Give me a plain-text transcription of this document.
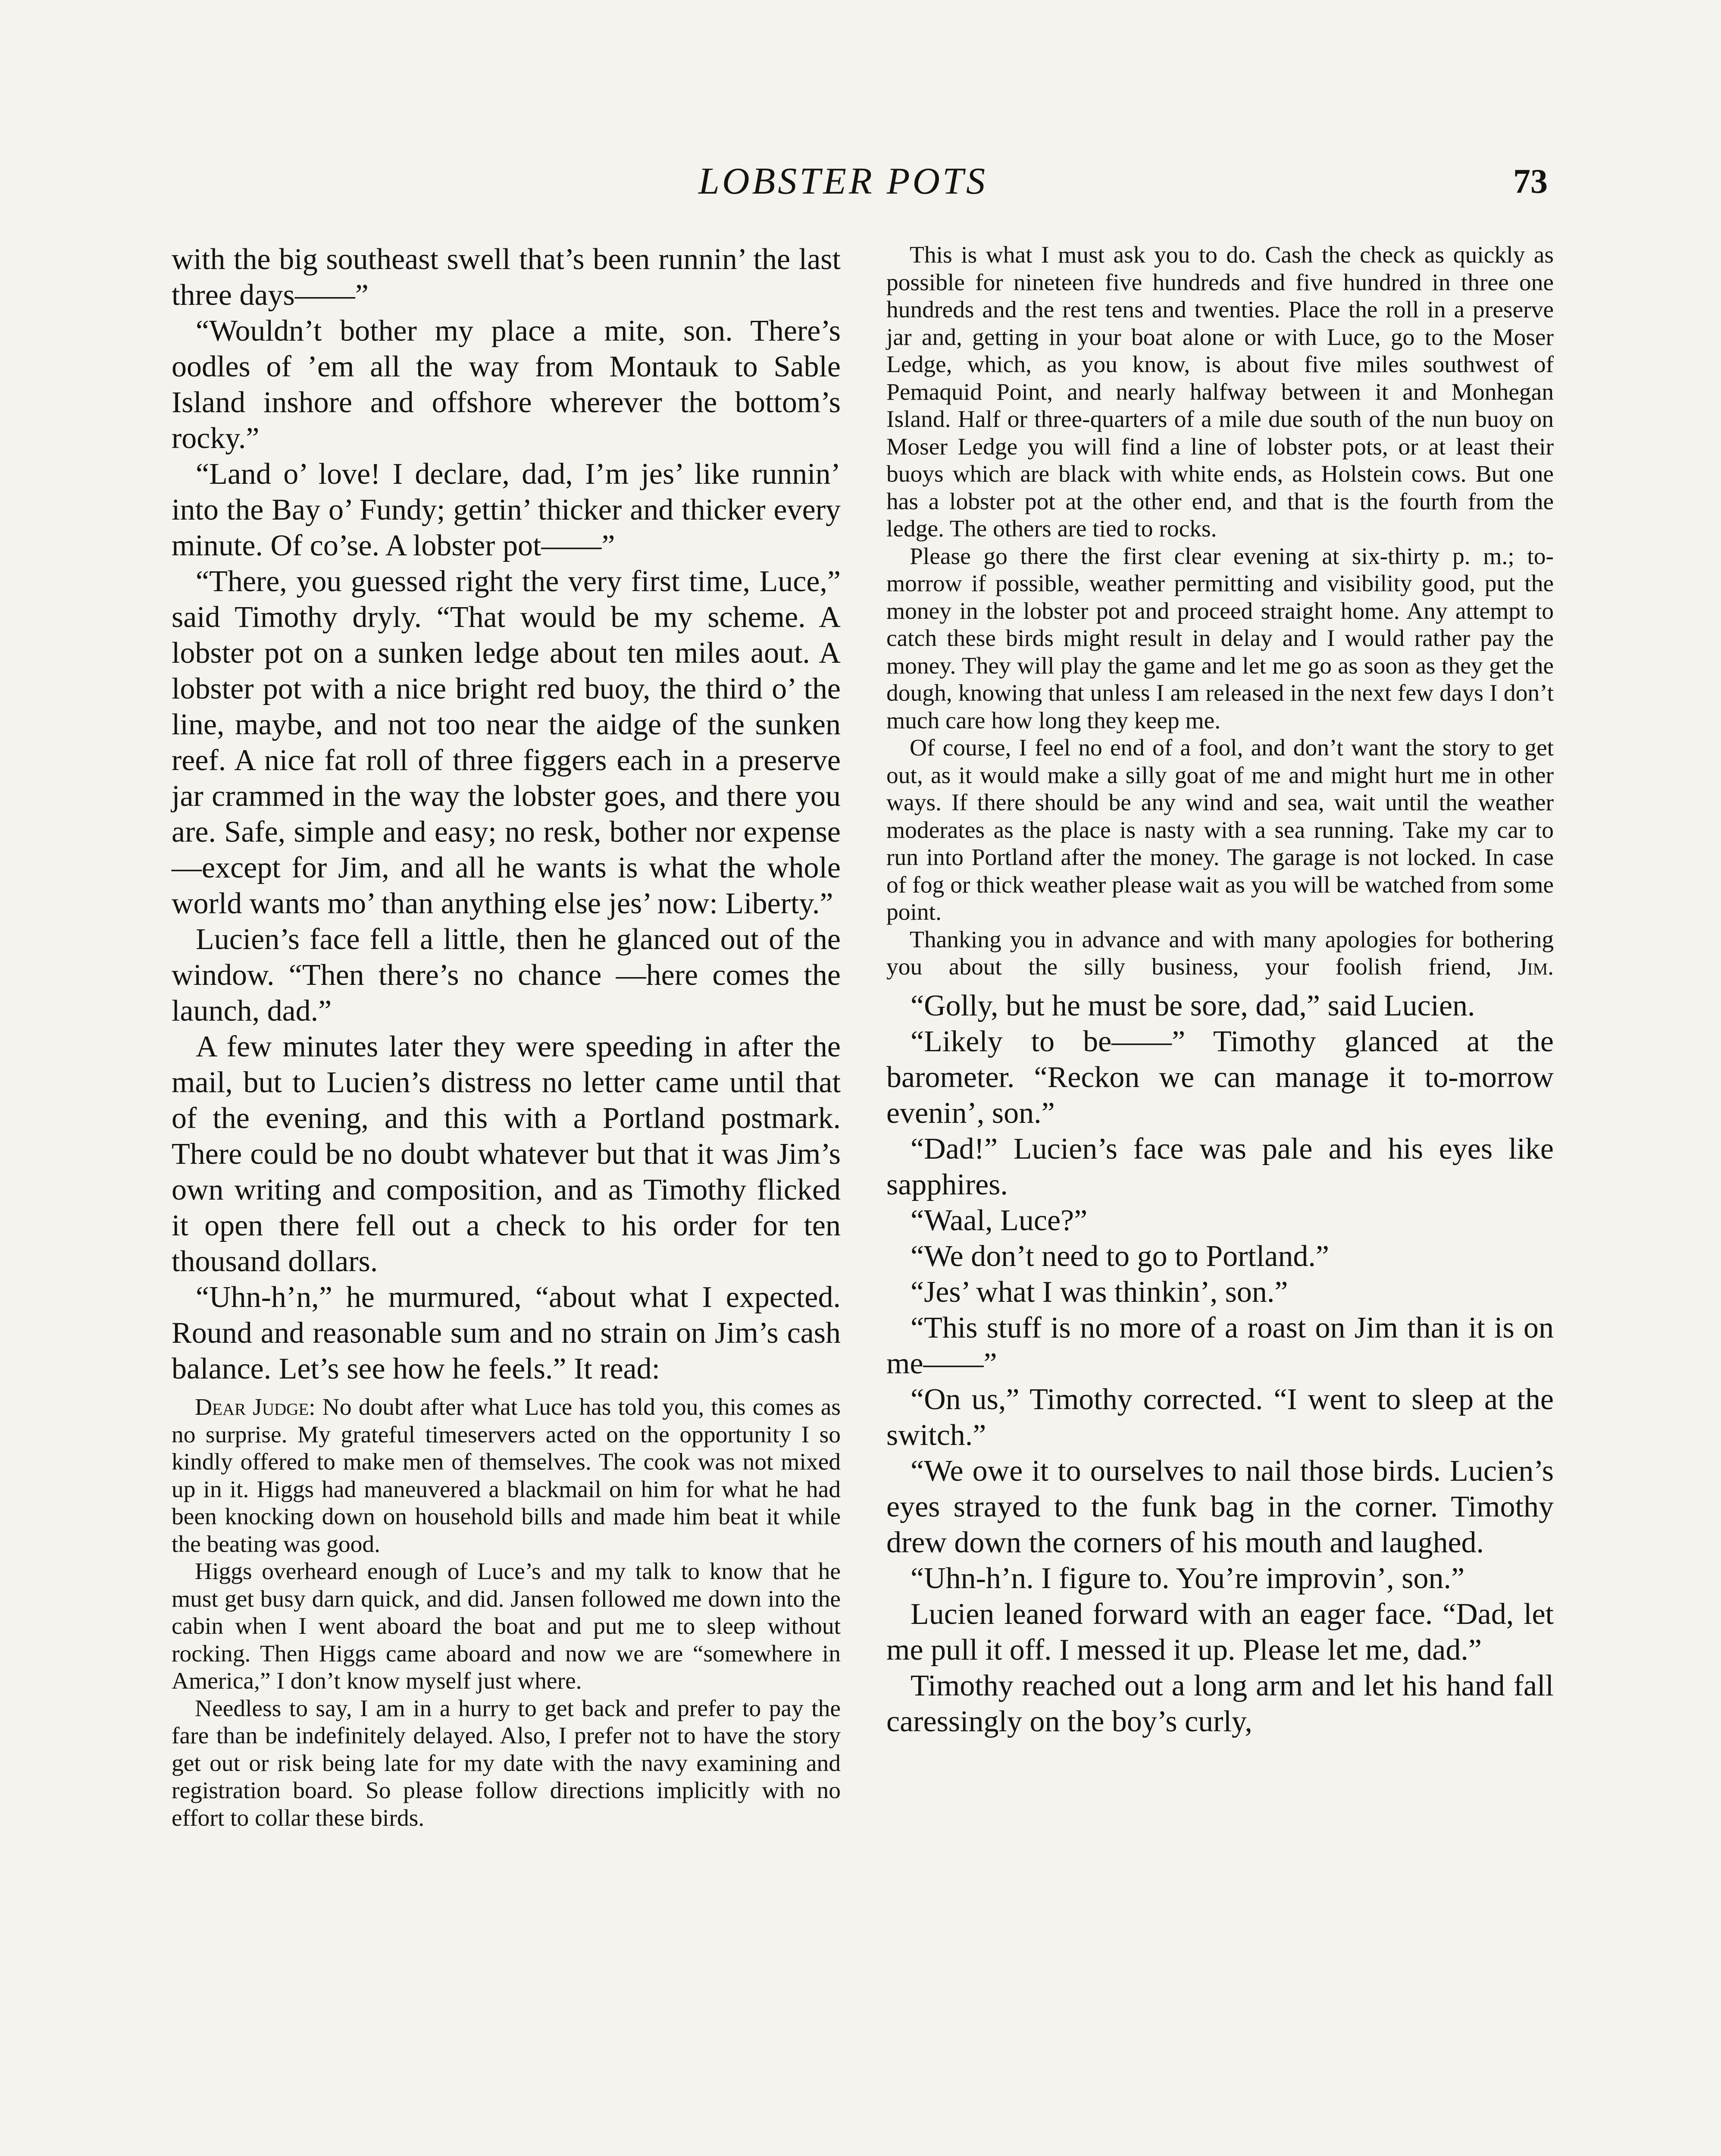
LOBSTER POTS	73

with the big southeast swell that’s been runnin’ the last three days——”

“Wouldn’t bother my place a mite, son. There’s oodles of ’em all the way from Montauk to Sable Island inshore and offshore wherever the bottom’s rocky.”

“Land o’ love! I declare, dad, I’m jes’ like runnin’ into the Bay o’ Fundy; gettin’ thicker and thicker every minute. Of co’se. A lobster pot——”

“There, you guessed right the very first time, Luce,” said Timothy dryly. “That would be my scheme. A lobster pot on a sunken ledge about ten miles aout. A lobster pot with a nice bright red buoy, the third o’ the line, maybe, and not too near the aidge of the sunken reef. A nice fat roll of three figgers each in a preserve jar crammed in the way the lobster goes, and there you are. Safe, simple and easy; no resk, bother nor expense—except for Jim, and all he wants is what the whole world wants mo’ than anything else jes’ now: Liberty.”

Lucien’s face fell a little, then he glanced out of the window. “Then there’s no chance —here comes the launch, dad.”

A few minutes later they were speeding in after the mail, but to Lucien’s distress no letter came until that of the evening, and this with a Portland postmark. There could be no doubt whatever but that it was Jim’s own writing and composition, and as Timothy flicked it open there fell out a check to his order for ten thousand dollars.

“Uhn-h’n,” he murmured, “about what I expected. Round and reasonable sum and no strain on Jim’s cash balance. Let’s see how he feels.” It read:

Dear Judge: No doubt after what Luce has told you, this comes as no surprise. My grateful timeservers acted on the opportunity I so kindly offered to make men of themselves. The cook was not mixed up in it. Higgs had maneuvered a blackmail on him for what he had been knocking down on household bills and made him beat it while the beating was good.

Higgs overheard enough of Luce’s and my talk to know that he must get busy darn quick, and did. Jansen followed me down into the cabin when I went aboard the boat and put me to sleep without rocking. Then Higgs came aboard and now we are “somewhere in America,” I don’t know myself just where.

Needless to say, I am in a hurry to get back and prefer to pay the fare than be indefinitely delayed. Also, I prefer not to have the story get out or risk being late for my date with the navy examining and registration board. So please follow directions implicitly with no effort to collar these birds.

This is what I must ask you to do. Cash the check as quickly as possible for nineteen five hundreds and five hundred in three one hundreds and the rest tens and twenties. Place the roll in a preserve jar and, getting in your boat alone or with Luce, go to the Moser Ledge, which, as you know, is about five miles southwest of Pemaquid Point, and nearly halfway between it and Monhegan Island. Half or three-quarters of a mile due south of the nun buoy on Moser Ledge you will find a line of lobster pots, or at least their buoys which are black with white ends, as Holstein cows. But one has a lobster pot at the other end, and that is the fourth from the ledge. The others are tied to rocks.

Please go there the first clear evening at six-thirty p. m.; to-morrow if possible, weather permitting and visibility good, put the money in the lobster pot and proceed straight home. Any attempt to catch these birds might result in delay and I would rather pay the money. They will play the game and let me go as soon as they get the dough, knowing that unless I am released in the next few days I don’t much care how long they keep me.

Of course, I feel no end of a fool, and don’t want the story to get out, as it would make a silly goat of me and might hurt me in other ways. If there should be any wind and sea, wait until the weather moderates as the place is nasty with a sea running. Take my car to run into Portland after the money. The garage is not locked. In case of fog or thick weather please wait as you will be watched from some point.

Thanking you in advance and with many apologies for bothering you about the silly business, your foolish friend, Jim.

“Golly, but he must be sore, dad,” said Lucien.

“Likely to be——” Timothy glanced at the barometer. “Reckon we can manage it to-morrow evenin’, son.”

“Dad!” Lucien’s face was pale and his eyes like sapphires.

“Waal, Luce?”

“We don’t need to go to Portland.”

“Jes’ what I was thinkin’, son.”

“This stuff is no more of a roast on Jim than it is on me——”

“On us,” Timothy corrected. “I went to sleep at the switch.”

“We owe it to ourselves to nail those birds. Lucien’s eyes strayed to the funk bag in the corner. Timothy drew down the corners of his mouth and laughed.

“Uhn-h’n. I figure to. You’re improvin’, son.”

Lucien leaned forward with an eager face. “Dad, let me pull it off. I messed it up. Please let me, dad.”

Timothy reached out a long arm and let his hand fall caressingly on the boy’s curly,
